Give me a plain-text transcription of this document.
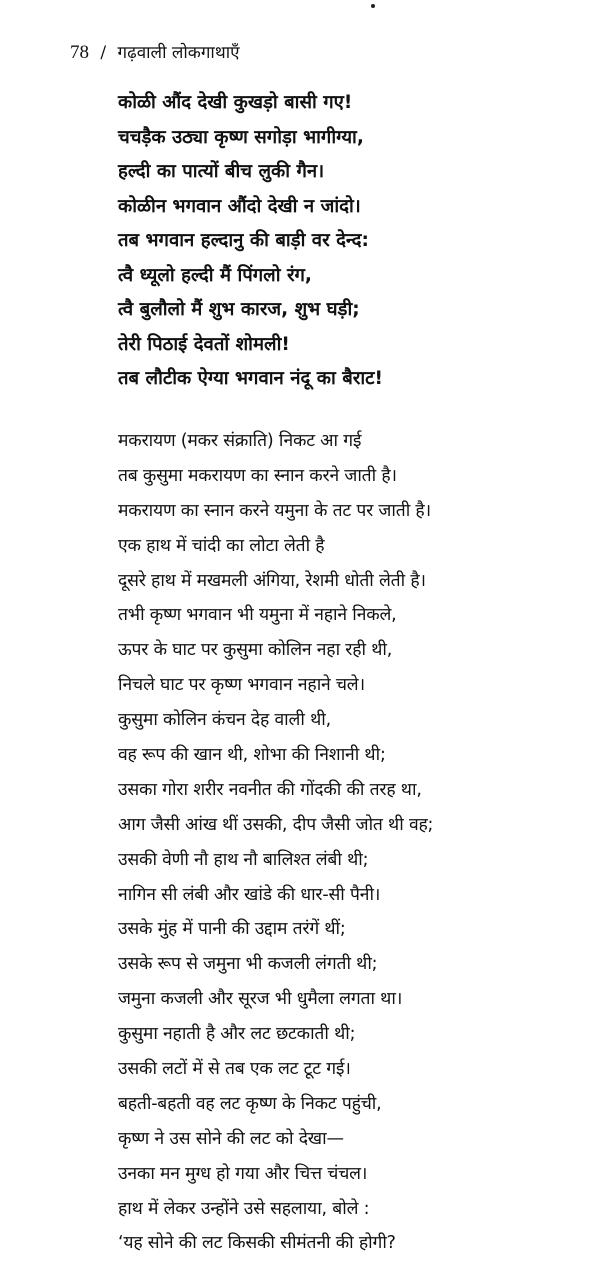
78 / गढ़वाली लोकगाथाएँ
कोळी औंद देखी कुखड़ो बासी गए!
चचड़ैक उठ्या कृष्ण सगोड़ा भागीग्या,
हल्दी का पात्यों बीच लुकी गैन।
कोळीन भगवान औंदो देखी न जांदो।
तब भगवान हल्दानु की बाड़ी वर देन्द:
त्वै ध्यूलो हल्दी मैं पिंगलो रंग,
त्वै बुलौलो मैं शुभ कारज, शुभ घड़ी;
तेरी पिठाई देवतों शोमली!
तब लौटीक ऐग्या भगवान नंदू का बैराट!
मकरायण (मकर संक्राति) निकट आ गई
तब कुसुमा मकरायण का स्नान करने जाती है।
मकरायण का स्नान करने यमुना के तट पर जाती है।
एक हाथ में चांदी का लोटा लेती है
दूसरे हाथ में मखमली अंगिया, रेशमी धोती लेती है।
तभी कृष्ण भगवान भी यमुना में नहाने निकले,
ऊपर के घाट पर कुसुमा कोलिन नहा रही थी,
निचले घाट पर कृष्ण भगवान नहाने चले।
कुसुमा कोलिन कंचन देह वाली थी,
वह रूप की खान थी, शोभा की निशानी थी;
उसका गोरा शरीर नवनीत की गोंदकी की तरह था,
आग जैसी आंख थीं उसकी, दीप जैसी जोत थी वह;
उसकी वेणी नौ हाथ नौ बालिश्त लंबी थी;
नागिन सी लंबी और खांडे की धार-सी पैनी।
उसके मुंह में पानी की उद्दाम तरंगें थीं;
उसके रूप से जमुना भी कजली लंगती थी;
जमुना कजली और सूरज भी धुमैला लगता था।
कुसुमा नहाती है और लट छटकाती थी;
उसकी लटों में से तब एक लट टूट गई।
बहती-बहती वह लट कृष्ण के निकट पहुंची,
कृष्ण ने उस सोने की लट को देखा—
उनका मन मुग्ध हो गया और चित्त चंचल।
हाथ में लेकर उन्होंने उसे सहलाया, बोले :
‘यह सोने की लट किसकी सीमंतनी की होगी?
